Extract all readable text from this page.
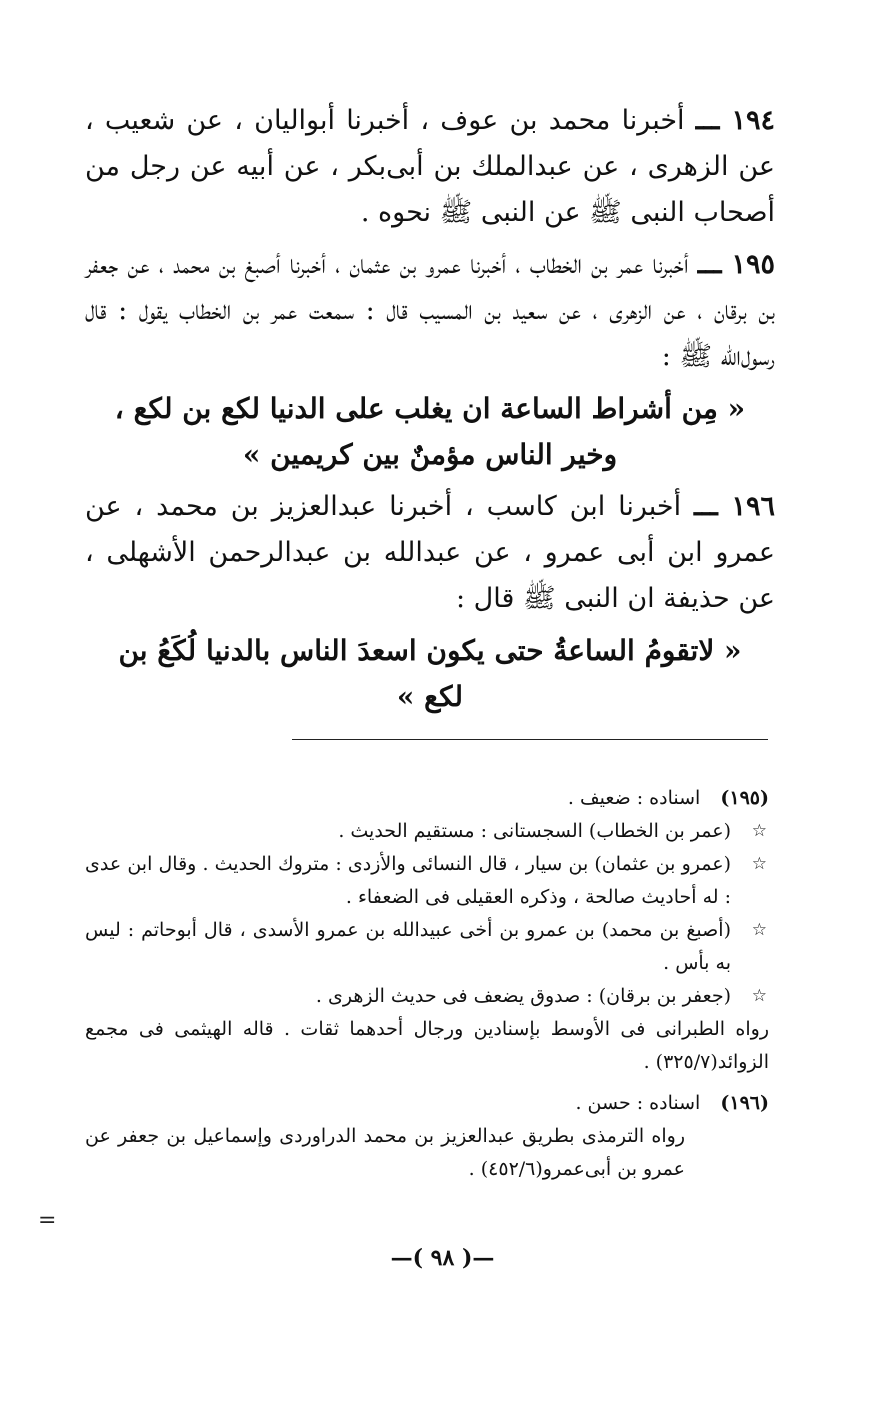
١٩٤ ـــ أخبرنا محمد بن عوف ، أخبرنا أبواليان ، عن شعيب ، عن الزهرى ، عن عبدالملك بن أبى‌بكر ، عن أبيه عن رجل من أصحاب النبى ﷺ عن النبى ﷺ نحوه .

١٩٥ ـــ أخبرنا عمر بن الخطاب ، أخبرنا عمرو بن عثمان ، أخبرنا أصبغ بن محمد ، عن جعفر بن برقان ، عن الزهرى ، عن سعيد بن المسيب قال : سمعت عمر بن الخطاب يقول : قال رسول‌الله ﷺ :

« مِن أشراط الساعة ان يغلب على الدنيا لكع بن لكع ،
وخير الناس مؤمنٌ بين كريمين »

١٩٦ ـــ أخبرنا ابن كاسب ، أخبرنا عبدالعزيز بن محمد ، عن عمرو ابن أبى عمرو ، عن عبدالله بن عبدالرحمن الأشهلى ، عن حذيفة ان النبى ﷺ قال :

« لاتقومُ الساعةُ حتى يكون اسعدَ الناس بالدنيا لُكَعُ بن
لكع »

(١٩٥) اسناده : ضعيف .

☆
(عمر بن الخطاب) السجستانى : مستقيم الحديث .

☆
(عمرو بن عثمان) بن سيار ، قال النسائى والأزدى : متروك الحديث . وقال ابن عدى : له أحاديث صالحة ، وذكره العقيلى فى الضعفاء .

☆
(أصبغ بن محمد) بن عمرو بن أخى عبيدالله بن عمرو الأسدى ، قال أبوحاتم : ليس به بأس .

☆
(جعفر بن برقان) : صدوق يضعف فى حديث الزهرى .

رواه الطبرانى فى الأوسط بإسنادين ورجال أحدهما ثقات . قاله الهيثمى فى مجمع الزوائد(٣٢٥/٧) .

(١٩٦) اسناده : حسن .

رواه الترمذى بطريق عبدالعزيز بن محمد الدراوردى وإسماعيل بن جعفر عن عمرو بن أبى‌عمرو(٤٥٢/٦) .

—( ٩٨ )—
=
